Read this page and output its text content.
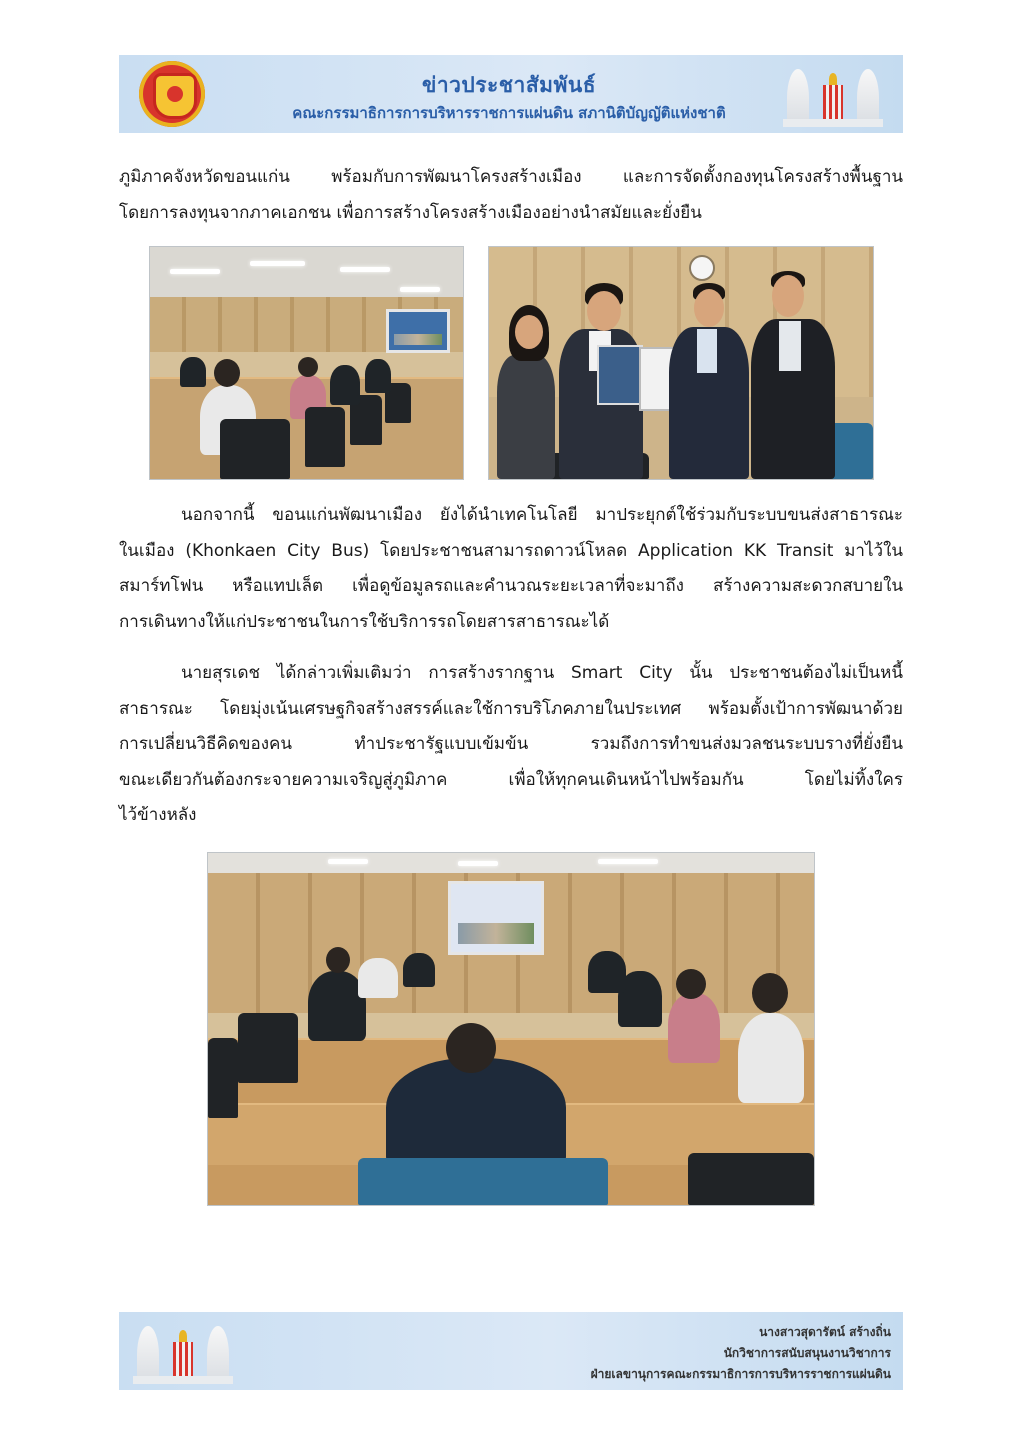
ข่าวประชาสัมพันธ์
คณะกรรมาธิการการบริหารราชการแผ่นดิน สภานิติบัญญัติแห่งชาติ
ภูมิภาคจังหวัดขอนแก่น พร้อมกับการพัฒนาโครงสร้างเมือง และการจัดตั้งกองทุนโครงสร้างพื้นฐาน
โดยการลงทุนจากภาคเอกชน เพื่อการสร้างโครงสร้างเมืองอย่างนำสมัยและยั่งยืน
นอกจากนี้ ขอนแก่นพัฒนาเมือง ยังได้นำเทคโนโลยี มาประยุกต์ใช้ร่วมกับระบบขนส่งสาธารณะ
ในเมือง (Khonkaen City Bus) โดยประชาชนสามารถดาวน์โหลด Application KK Transit มาไว้ใน
สมาร์ทโฟน หรือแทปเล็ต เพื่อดูข้อมูลรถและคำนวณระยะเวลาที่จะมาถึง สร้างความสะดวกสบายใน
การเดินทางให้แก่ประชาชนในการใช้บริการรถโดยสารสาธารณะได้
นายสุรเดช ได้กล่าวเพิ่มเติมว่า การสร้างรากฐาน Smart City นั้น ประชาชนต้องไม่เป็นหนี้
สาธารณะ โดยมุ่งเน้นเศรษฐกิจสร้างสรรค์และใช้การบริโภคภายในประเทศ พร้อมตั้งเป้าการพัฒนาด้วย
การเปลี่ยนวิธีคิดของคน ทำประชารัฐแบบเข้มข้น รวมถึงการทำขนส่งมวลชนระบบรางที่ยั่งยืน
ขณะเดียวกันต้องกระจายความเจริญสู่ภูมิภาค เพื่อให้ทุกคนเดินหน้าไปพร้อมกัน โดยไม่ทิ้งใคร
ไว้ข้างหลัง
นางสาวสุดารัตน์ สร้างถิ่น
นักวิชาการสนับสนุนงานวิชาการ
ฝ่ายเลขานุการคณะกรรมาธิการการบริหารราชการแผ่นดิน
